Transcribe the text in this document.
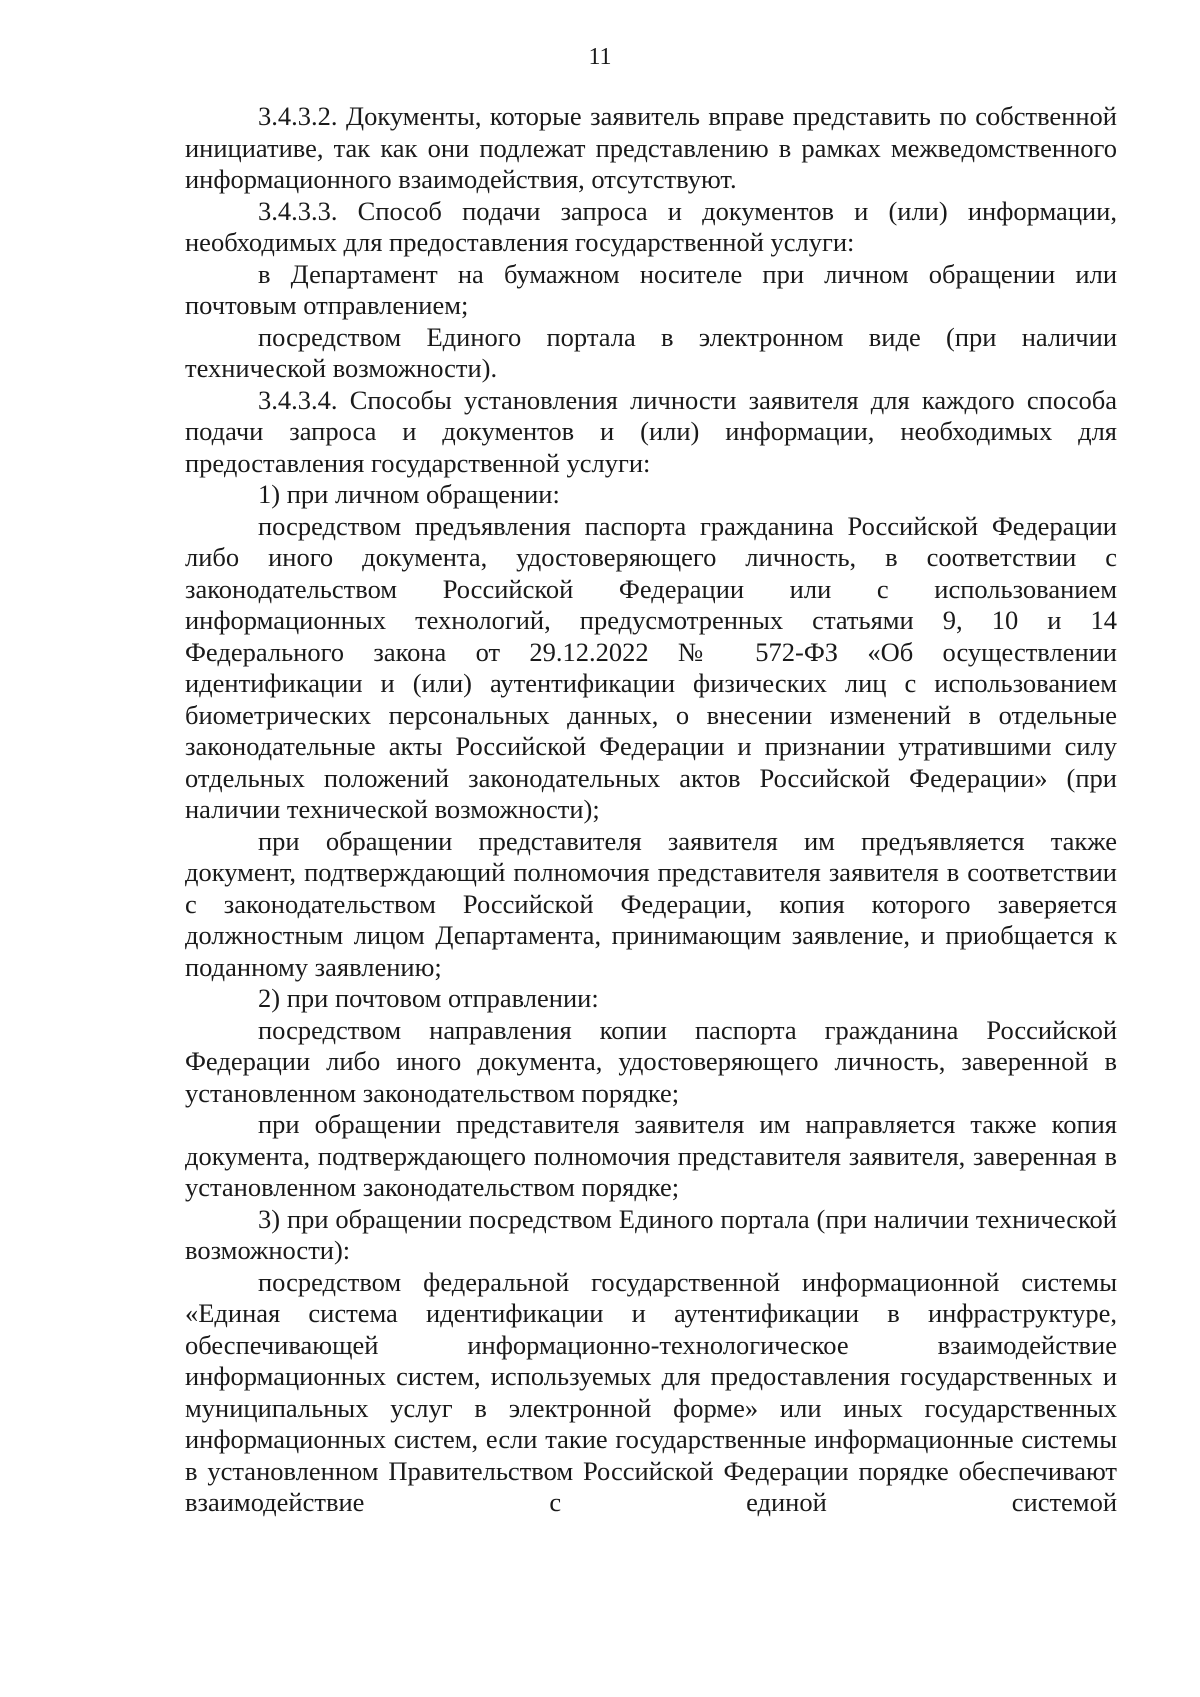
11

3.4.3.2. Документы, которые заявитель вправе представить по собственной инициативе, так как они подлежат представлению в рамках межведомственного информационного взаимодействия, отсутствуют.

3.4.3.3. Способ подачи запроса и документов и (или) информации, необходимых для предоставления государственной услуги:

в Департамент на бумажном носителе при личном обращении или почтовым отправлением;

посредством Единого портала в электронном виде (при наличии технической возможности).

3.4.3.4. Способы установления личности заявителя для каждого способа подачи запроса и документов и (или) информации, необходимых для предоставления государственной услуги:

1) при личном обращении:

посредством предъявления паспорта гражданина Российской Федерации либо иного документа, удостоверяющего личность, в соответствии с законодательством Российской Федерации или с использованием информационных технологий, предусмотренных статьями 9, 10 и 14 Федерального закона от 29.12.2022 № 572-ФЗ «Об осуществлении идентификации и (или) аутентификации физических лиц с использованием биометрических персональных данных, о внесении изменений в отдельные законодательные акты Российской Федерации и признании утратившими силу отдельных положений законодательных актов Российской Федерации» (при наличии технической возможности);

при обращении представителя заявителя им предъявляется также документ, подтверждающий полномочия представителя заявителя в соответствии с законодательством Российской Федерации, копия которого заверяется должностным лицом Департамента, принимающим заявление, и приобщается к поданному заявлению;

2) при почтовом отправлении:

посредством направления копии паспорта гражданина Российской Федерации либо иного документа, удостоверяющего личность, заверенной в установленном законодательством порядке;

при обращении представителя заявителя им направляется также копия документа, подтверждающего полномочия представителя заявителя, заверенная в установленном законодательством порядке;

3) при обращении посредством Единого портала (при наличии технической возможности):

посредством федеральной государственной информационной системы «Единая система идентификации и аутентификации в инфраструктуре, обеспечивающей информационно-технологическое взаимодействие информационных систем, используемых для предоставления государственных и муниципальных услуг в электронной форме» или иных государственных информационных систем, если такие государственные информационные системы в установленном Правительством Российской Федерации порядке обеспечивают взаимодействие с единой системой
